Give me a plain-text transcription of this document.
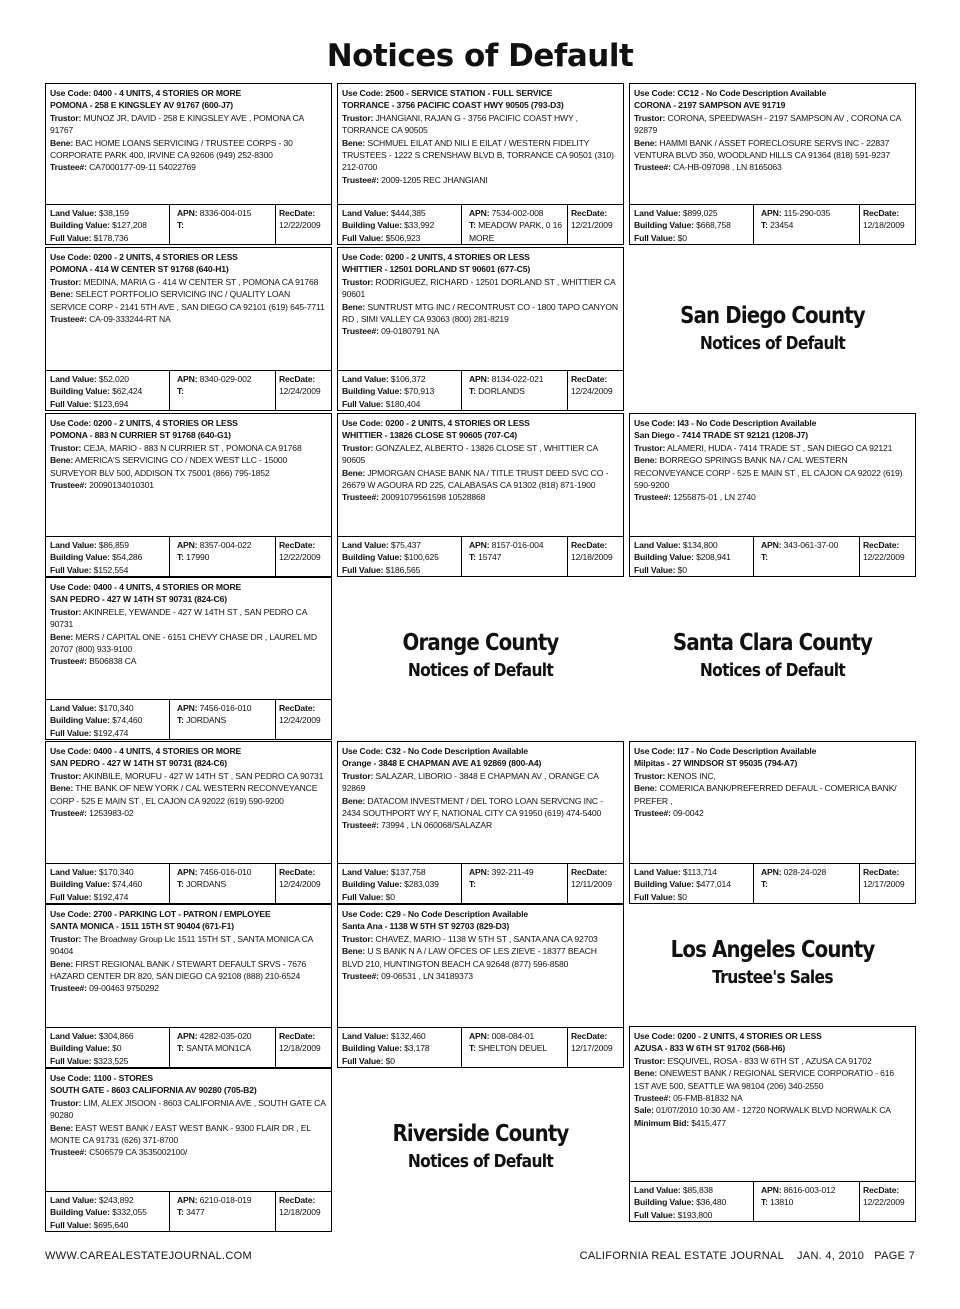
Notices of Default
Use Code: 0400 - 4 UNITS, 4 STORIES OR MORE
POMONA - 258 E KINGSLEY AV 91767 (600-J7)
Trustor: MUNOZ JR, DAVID - 258 E KINGSLEY AVE , POMONA CA 91767
Bene: BAC HOME LOANS SERVICING / TRUSTEE CORPS - 30 CORPORATE PARK 400, IRVINE CA 92606 (949) 252-8300
Trustee#: CA7000177-09-11 54022769
Land Value: $38,159
Building Value: $127,208
Full Value: $178,736
APN: 8336-004-015
T:
RecDate:
12/22/2009
Use Code: 0200 - 2 UNITS, 4 STORIES OR LESS
POMONA - 414 W CENTER ST 91768 (640-H1)
Trustor: MEDINA, MARIA G - 414 W CENTER ST , POMONA CA 91768
Bene: SELECT PORTFOLIO SERVICING INC / QUALITY LOAN SERVICE CORP - 2141 5TH AVE , SAN DIEGO CA 92101 (619) 645-7711
Trustee#: CA-09-333244-RT NA
Land Value: $52,020
Building Value: $62,424
Full Value: $123,694
APN: 8340-029-002
T:
RecDate:
12/24/2009
Use Code: 0200 - 2 UNITS, 4 STORIES OR LESS
POMONA - 883 N CURRIER ST 91768 (640-G1)
Trustor: CEJA, MARIO - 883 N CURRIER ST , POMONA CA 91768
Bene: AMERICA'S SERVICING CO / NDEX WEST LLC - 15000 SURVEYOR BLV 500, ADDISON TX 75001 (866) 795-1852
Trustee#: 20090134010301
Land Value: $86,859
Building Value: $54,286
Full Value: $152,554
APN: 8357-004-022
T: 17990
RecDate:
12/22/2009
Use Code: 0400 - 4 UNITS, 4 STORIES OR MORE
SAN PEDRO - 427 W 14TH ST 90731 (824-C6)
Trustor: AKINRELE, YEWANDE - 427 W 14TH ST , SAN PEDRO CA 90731
Bene: MERS / CAPITAL ONE - 6151 CHEVY CHASE DR , LAUREL MD 20707 (800) 933-9100
Trustee#: B506838 CA
Land Value: $170,340
Building Value: $74,460
Full Value: $192,474
APN: 7456-016-010
T: JORDANS
RecDate:
12/24/2009
Use Code: 0400 - 4 UNITS, 4 STORIES OR MORE
SAN PEDRO - 427 W 14TH ST 90731 (824-C6)
Trustor: AKINBILE, MORUFU - 427 W 14TH ST , SAN PEDRO CA 90731
Bene: THE BANK OF NEW YORK / CAL WESTERN RECONVEYANCE CORP - 525 E MAIN ST , EL CAJON CA 92022 (619) 590-9200
Trustee#: 1253983-02
Land Value: $170,340
Building Value: $74,460
Full Value: $192,474
APN: 7456-016-010
T: JORDANS
RecDate:
12/24/2009
Use Code: 2700 - PARKING LOT - PATRON / EMPLOYEE
SANTA MONICA - 1511 15TH ST 90404 (671-F1)
Trustor: The Broadway Group Llc 1511 15TH ST , SANTA MONICA CA 90404
Bene: FIRST REGIONAL BANK / STEWART DEFAULT SRVS - 7676 HAZARD CENTER DR 820, SAN DIEGO CA 92108 (888) 210-6524
Trustee#: 09-00463 9750292
Land Value: $304,866
Building Value: $0
Full Value: $323,525
APN: 4282-035-020
T: SANTA MON1CA
RecDate:
12/18/2009
Use Code: 1100 - STORES
SOUTH GATE - 8603 CALIFORNIA AV 90280 (705-B2)
Trustor: LIM, ALEX JISOON - 8603 CALIFORNIA AVE , SOUTH GATE CA 90280
Bene: EAST WEST BANK / EAST WEST BANK - 9300 FLAIR DR , EL MONTE CA 91731 (626) 371-8700
Trustee#: C506579 CA 3535002100/
Land Value: $243,892
Building Value: $332,055
Full Value: $695,640
APN: 6210-018-019
T: 3477
RecDate:
12/18/2009
Use Code: 2500 - SERVICE STATION - FULL SERVICE
TORRANCE - 3756 PACIFIC COAST HWY 90505 (793-D3)
Trustor: JHANGIANI, RAJAN G - 3756 PACIFIC COAST HWY , TORRANCE CA 90505
Bene: SCHMUEL EILAT AND NILI E EILAT / WESTERN FIDELITY TRUSTEES - 1222 S CRENSHAW BLVD B, TORRANCE CA 90501 (310) 212-0700
Trustee#: 2009-1205 REC JHANGIANI
Land Value: $444,385
Building Value: $33,992
Full Value: $506,923
APN: 7534-002-008
T: MEADOW PARK, 0 16 MORE
RecDate:
12/21/2009
Use Code: 0200 - 2 UNITS, 4 STORIES OR LESS
WHITTIER - 12501 DORLAND ST 90601 (677-C5)
Trustor: RODRIGUEZ, RICHARD - 12501 DORLAND ST , WHITTIER CA 90601
Bene: SUNTRUST MTG INC / RECONTRUST CO - 1800 TAPO CANYON RD , SIMI VALLEY CA 93063 (800) 281-8219
Trustee#: 09-0180791 NA
Land Value: $106,372
Building Value: $70,913
Full Value: $180,404
APN: 8134-022-021
T: DORLANDS
RecDate:
12/24/2009
Use Code: 0200 - 2 UNITS, 4 STORIES OR LESS
WHITTIER - 13826 CLOSE ST 90605 (707-C4)
Trustor: GONZALEZ, ALBERTO - 13826 CLOSE ST , WHITTIER CA 90605
Bene: JPMORGAN CHASE BANK NA / TITLE TRUST DEED SVC CO - 26679 W AGOURA RD 225, CALABASAS CA 91302 (818) 871-1900
Trustee#: 20091079561598 10528868
Land Value: $75,437
Building Value: $100,625
Full Value: $186,565
APN: 8157-016-004
T: 15747
RecDate:
12/18/2009
Orange County
Notices of Default
Use Code: C32 - No Code Description Available
Orange - 3848 E CHAPMAN AVE A1 92869 (800-A4)
Trustor: SALAZAR, LIBORIO - 3848 E CHAPMAN AV , ORANGE CA 92869
Bene: DATACOM INVESTMENT / DEL TORO LOAN SERVCNG INC - 2434 SOUTHPORT WY F, NATIONAL CITY CA 91950 (619) 474-5400
Trustee#: 73994 , LN 060068/SALAZAR
Land Value: $137,758
Building Value: $283,039
Full Value: $0
APN: 392-211-49
T:
RecDate:
12/11/2009
Use Code: C29 - No Code Description Available
Santa Ana - 1138 W 5TH ST 92703 (829-D3)
Trustor: CHAVEZ, MARIO - 1138 W 5TH ST , SANTA ANA CA 92703
Bene: U S BANK N A / LAW OFCES OF LES ZIEVE - 18377 BEACH BLVD 210, HUNTINGTON BEACH CA 92648 (877) 596-8580
Trustee#: 09-06531 , LN 34189373
Land Value: $132,460
Building Value: $3,178
Full Value: $0
APN: 008-084-01
T: SHELTON DEUEL
RecDate:
12/17/2009
Riverside County
Notices of Default
Use Code: CC12 - No Code Description Available
CORONA - 2197 SAMPSON AVE 91719
Trustor: CORONA, SPEEDWASH - 2197 SAMPSON AV , CORONA CA 92879
Bene: HAMMI BANK / ASSET FORECLOSURE SERVS INC - 22837 VENTURA BLVD 350, WOODLAND HILLS CA 91364 (818) 591-9237
Trustee#: CA-HB-097098 , LN 8165063
Land Value: $899,025
Building Value: $668,758
Full Value: $0
APN: 115-290-035
T: 23454
RecDate:
12/18/2009
San Diego County
Notices of Default
Use Code: I43 - No Code Description Available
San Diego - 7414 TRADE ST 92121 (1208-J7)
Trustor: ALAMERI, HUDA - 7414 TRADE ST , SAN DIEGO CA 92121
Bene: BORREGO SPRINGS BANK NA / CAL WESTERN RECONVEYANCE CORP - 525 E MAIN ST , EL CAJON CA 92022 (619) 590-9200
Trustee#: 1255875-01 , LN 2740
Land Value: $134,800
Building Value: $208,941
Full Value: $0
APN: 343-061-37-00
T:
RecDate:
12/22/2009
Santa Clara County
Notices of Default
Use Code: I17 - No Code Description Available
Milpitas - 27 WINDSOR ST 95035 (794-A7)
Trustor: KENOS INC,
Bene: COMERICA BANK/PREFERRED DEFAUL - COMERICA BANK/ PREFER ,
Trustee#: 09-0042
Land Value: $113,714
Building Value: $477,014
Full Value: $0
APN: 028-24-028
T:
RecDate:
12/17/2009
Los Angeles County
Trustee's Sales
Use Code: 0200 - 2 UNITS, 4 STORIES OR LESS
AZUSA - 833 W 6TH ST 91702 (568-H6)
Trustor: ESQUIVEL, ROSA - 833 W 6TH ST , AZUSA CA 91702
Bene: ONEWEST BANK / REGIONAL SERVICE CORPORATIO - 616 1ST AVE 500, SEATTLE WA 98104 (206) 340-2550
Trustee#: 05-FMB-81832 NA
Sale: 01/07/2010 10:30 AM - 12720 NORWALK BLVD NORWALK CA
Minimum Bid: $415,477
Land Value: $85,838
Building Value: $36,480
Full Value: $193,800
APN: 8616-003-012
T: 13810
RecDate:
12/22/2009
WWW.CAREALESTATEJOURNAL.COM	CALIFORNIA REAL ESTATE JOURNAL    JAN. 4, 2010   PAGE 7
